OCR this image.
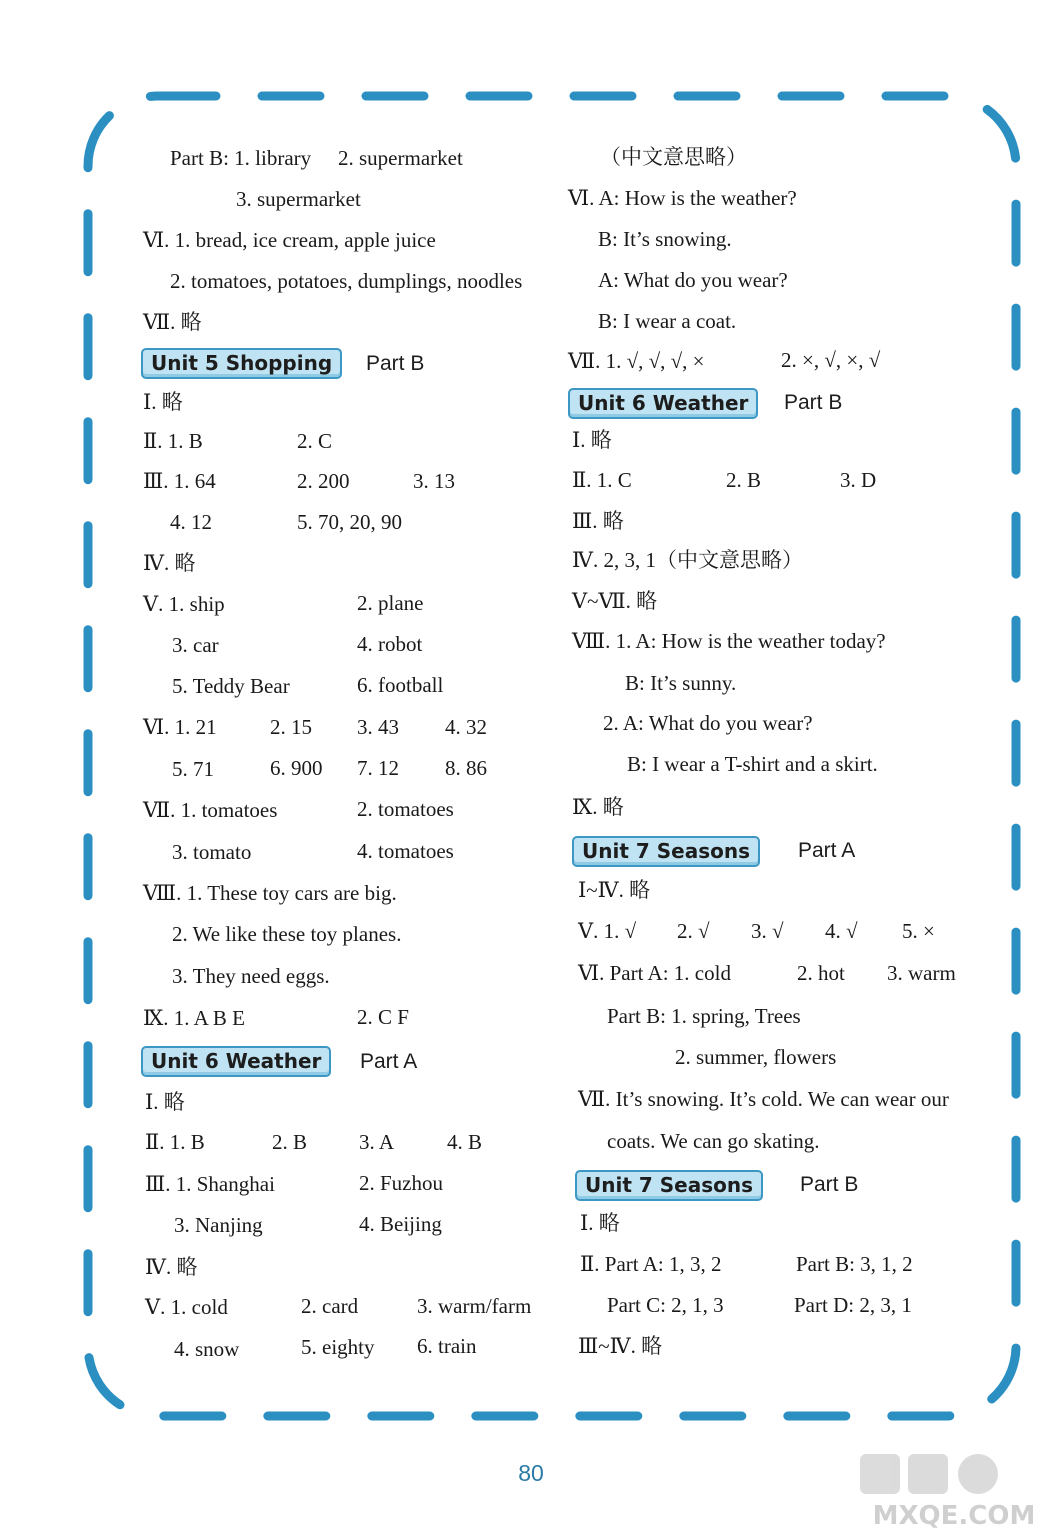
Part B: 1. library 2. supermarket
3. supermarket
Ⅵ. 1. bread, ice cream, apple juice
2. tomatoes, potatoes, dumplings, noodles
Ⅶ. 略
Unit 5 Shopping	Part B
Ⅰ. 略
Ⅱ. 1. B	2. C
Ⅲ. 1. 64	2. 200	3. 13
4. 12	5. 70, 20, 90
Ⅳ. 略
Ⅴ. 1. ship	2. plane
3. car	4. robot
5. Teddy Bear	6. football
Ⅵ. 1. 21	2. 15 3. 43 4. 32
5. 71	6. 900 7. 12 8. 86
Ⅶ. 1. tomatoes	2. tomatoes
3. tomato	4. tomatoes
Ⅷ. 1. These toy cars are big.
2. We like these toy planes.
3. They need eggs.
Ⅸ. 1. A B E	2. C F
Unit 6 Weather	Part A
Ⅰ. 略
Ⅱ. 1. B	2. B 3. A	4. B
Ⅲ. 1. Shanghai	2. Fuzhou
3. Nanjing	4. Beijing
Ⅳ. 略
Ⅴ. 1. cold	2. card	3. warm/farm
4. snow	5. eighty 6. train
（中文意思略）
Ⅵ. A: How is the weather?
B: It’s snowing.
A: What do you wear?
B: I wear a coat.
Ⅶ. 1. √, √, √, ×	2. ×, √, ×, √
Unit 6 Weather	Part B
Ⅰ. 略
Ⅱ. 1. C	2. B	3. D
Ⅲ. 略
Ⅳ. 2, 3, 1（中文意思略）
Ⅴ~Ⅶ. 略
Ⅷ. 1. A: How is the weather today?
B: It’s sunny.
2. A: What do you wear?
B: I wear a T-shirt and a skirt.
Ⅸ. 略
Unit 7 Seasons	Part A
Ⅰ~Ⅳ. 略
Ⅴ. 1. √ 2. √ 3. √ 4. √ 5. ×
Ⅵ. Part A: 1. cold	2. hot 3. warm
Part B: 1. spring, Trees
2. summer, flowers
Ⅶ. It’s snowing. It’s cold. We can wear our
coats. We can go skating.
Unit 7 Seasons	Part B
Ⅰ. 略
Ⅱ. Part A: 1, 3, 2	Part B: 3, 1, 2
Part C: 2, 1, 3	Part D: 2, 3, 1
Ⅲ~Ⅳ. 略
80
MXQE.COM
